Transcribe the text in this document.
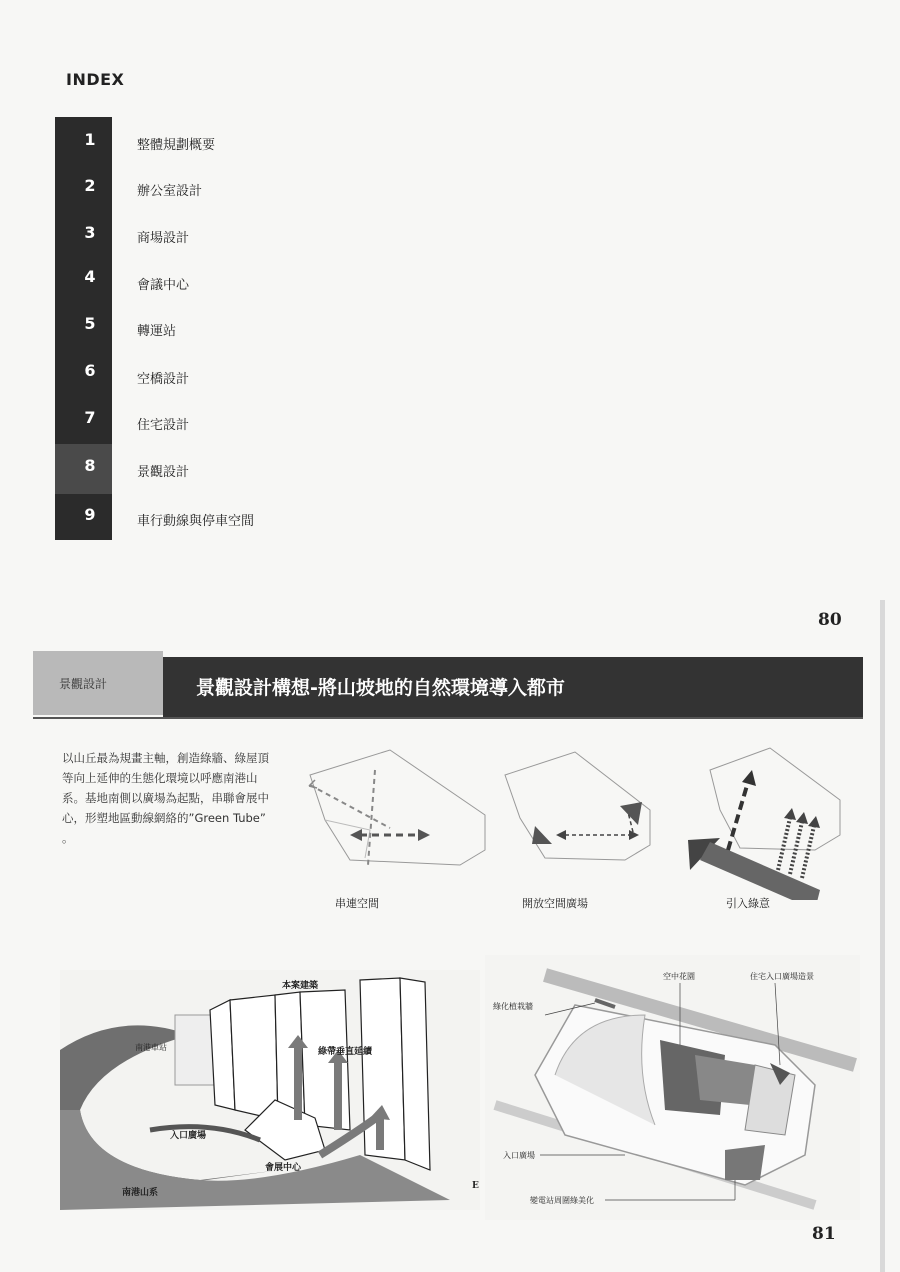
INDEX
1	整體規劃概要
2	辦公室設計
3	商場設計
4	會議中心
5	轉運站
6	空橋設計
7	住宅設計
8	景觀設計
9	車行動線與停車空間
80
景觀設計	景觀設計構想-將山坡地的自然環境導入都市
以山丘最為規畫主軸，創造綠牆、綠屋頂等向上延伸的生態化環境以呼應南港山系。基地南側以廣場為起點，串聯會展中心，形塑地區動線網絡的”Green Tube” 。
串連空間	開放空間廣場	引入綠意
本案建築
綠帶垂直延續
入口廣場
會展中心
南港山系
南港車站
E
空中花園	住宅入口廣場造景
綠化植栽牆
入口廣場
變電站周圍綠美化
81
